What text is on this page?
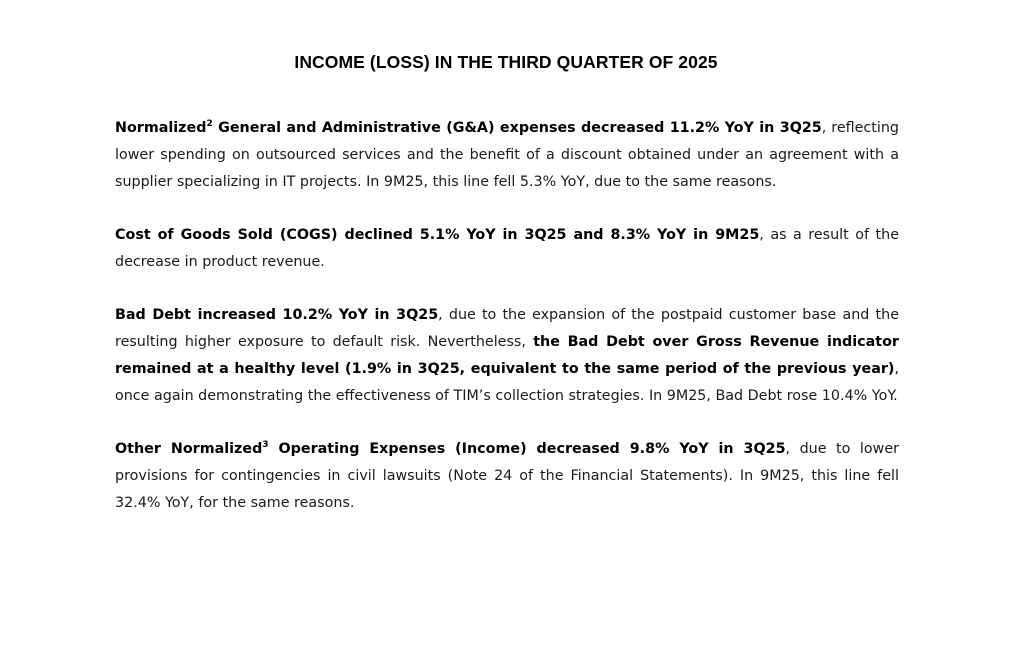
INCOME (LOSS) IN THE THIRD QUARTER OF 2025

Normalized$^2$ General and Administrative (G&A) expenses decreased 11.2% YoY in 3Q25, reflecting lower spending on outsourced services and the benefit of a discount obtained under an agreement with a supplier specializing in IT projects. In 9M25, this line fell 5.3% YoY, due to the same reasons.

Cost of Goods Sold (COGS) declined 5.1% YoY in 3Q25 and 8.3% YoY in 9M25, as a result of the decrease in product revenue.

Bad Debt increased 10.2% YoY in 3Q25, due to the expansion of the postpaid customer base and the resulting higher exposure to default risk. Nevertheless, the Bad Debt over Gross Revenue indicator remained at a healthy level (1.9% in 3Q25, equivalent to the same period of the previous year), once again demonstrating the effectiveness of TIM’s collection strategies. In 9M25, Bad Debt rose 10.4% YoY.

Other Normalized$^3$ Operating Expenses (Income) decreased 9.8% YoY in 3Q25, due to lower provisions for contingencies in civil lawsuits (Note 24 of the Financial Statements). In 9M25, this line fell 32.4% YoY, for the same reasons.
